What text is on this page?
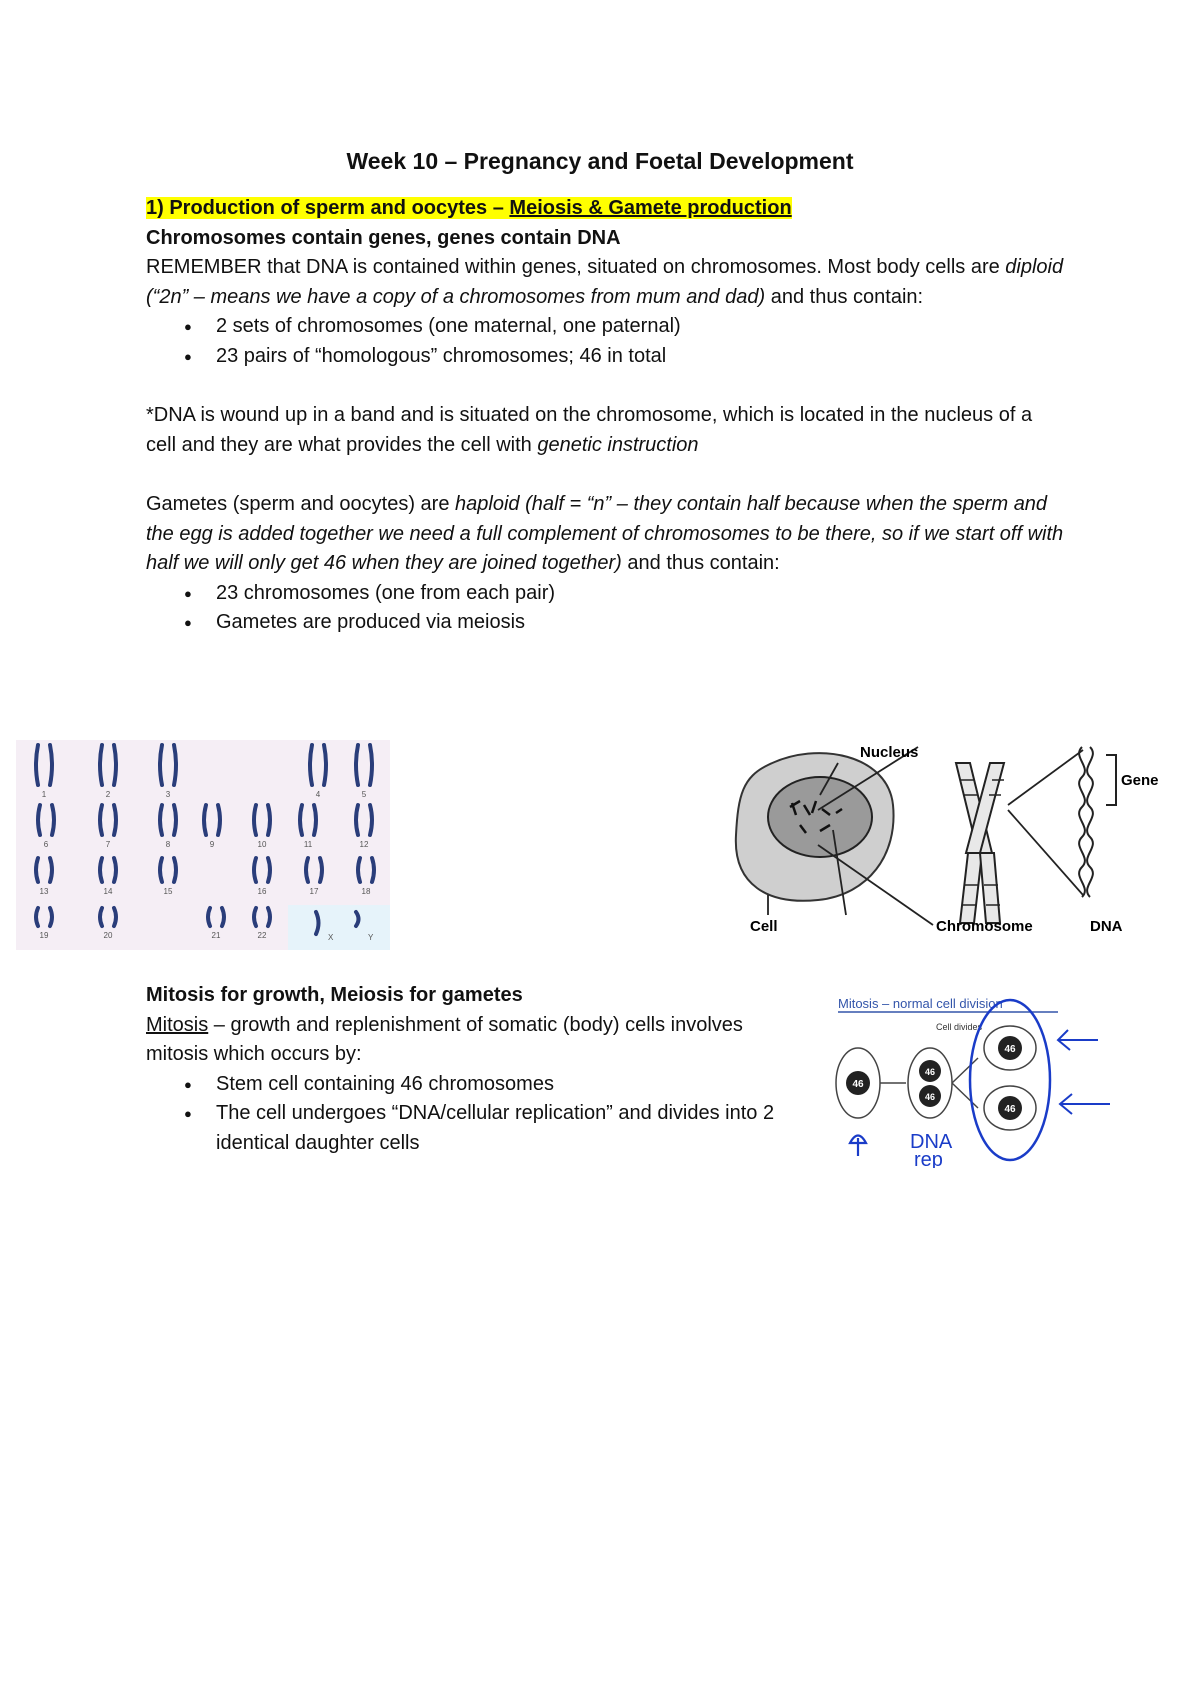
Week 10 – Pregnancy and Foetal Development

1) Production of sperm and oocytes – Meiosis & Gamete production

Chromosomes contain genes, genes contain DNA

REMEMBER that DNA is contained within genes, situated on chromosomes. Most body cells are diploid (“2n” – means we have a copy of a chromosomes from mum and dad) and thus contain:

● 2 sets of chromosomes (one maternal, one paternal)
● 23 pairs of “homologous” chromosomes; 46 in total

*DNA is wound up in a band and is situated on the chromosome, which is located in the nucleus of a cell and they are what provides the cell with genetic instruction

Gametes (sperm and oocytes) are haploid (half = “n” – they contain half because when the sperm and the egg is added together we need a full complement of chromosomes to be there, so if we start off with half we will only get 46 when they are joined together) and thus contain:

● 23 chromosomes (one from each pair)
● Gametes are produced via meiosis
1	2	3	4	5
6	7	8	9	10	11	12
13	14	15	16	17	18
19	20	21	22	X	Y
Nucleus
Cell	Chromosome	DNA
Gene

Mitosis for growth, Meiosis for gametes

Mitosis – growth and replenishment of somatic (body) cells involves mitosis which occurs by:

● Stem cell containing 46 chromosomes
● The cell undergoes “DNA/cellular replication” and divides into 2 identical daughter cells
Mitosis – normal cell division
46
46
46
46
46
Cell divides
DNA
rep
